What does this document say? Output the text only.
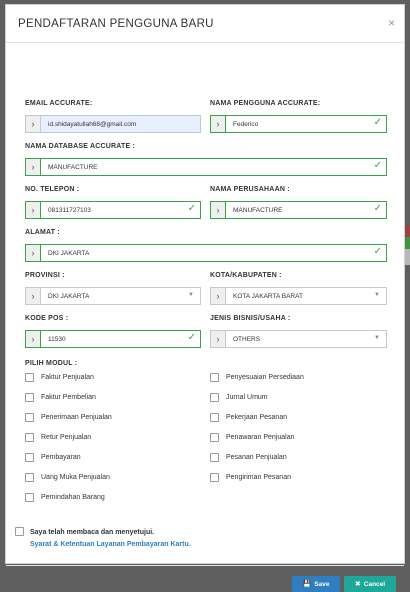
PENDAFTARAN PENGGUNA BARU	×
EMAIL ACCURATE:
›	id.shidayatullah68@gmail.com
NAMA PENGGUNA ACCURATE:
›	Federico	✓
NAMA DATABASE ACCURATE :
›	MANUFACTURE	✓
NO. TELEPON :
›	081311727103	✓
NAMA PERUSAHAAN :
›	MANUFACTURE	✓
ALAMAT :
›	DKI JAKARTA	✓
PROVINSI :
›	DKI JAKARTA	▼
KOTA/KABUPATEN :
›	KOTA JAKARTA BARAT	▼
KODE POS :
›	11530	✓
JENIS BISNIS/USAHA :
›	OTHERS	▼
PILIH MODUL :
Faktur Penjualan
Faktur Pembelian
Penerimaan Penjualan
Retur Penjualan
Pembayaran
Uang Muka Penjualan
Pemindahan Barang
Penyesuaian Persediaan
Jurnal Umum
Pekerjaan Pesanan
Penawaran Penjualan
Pesanan Penjualan
Pengiriman Pesanan
Saya telah membaca dan menyetujui.
Syarat & Ketentuan Layanan Pembayaran Kartu.
💾 Save	✖ Cancel
